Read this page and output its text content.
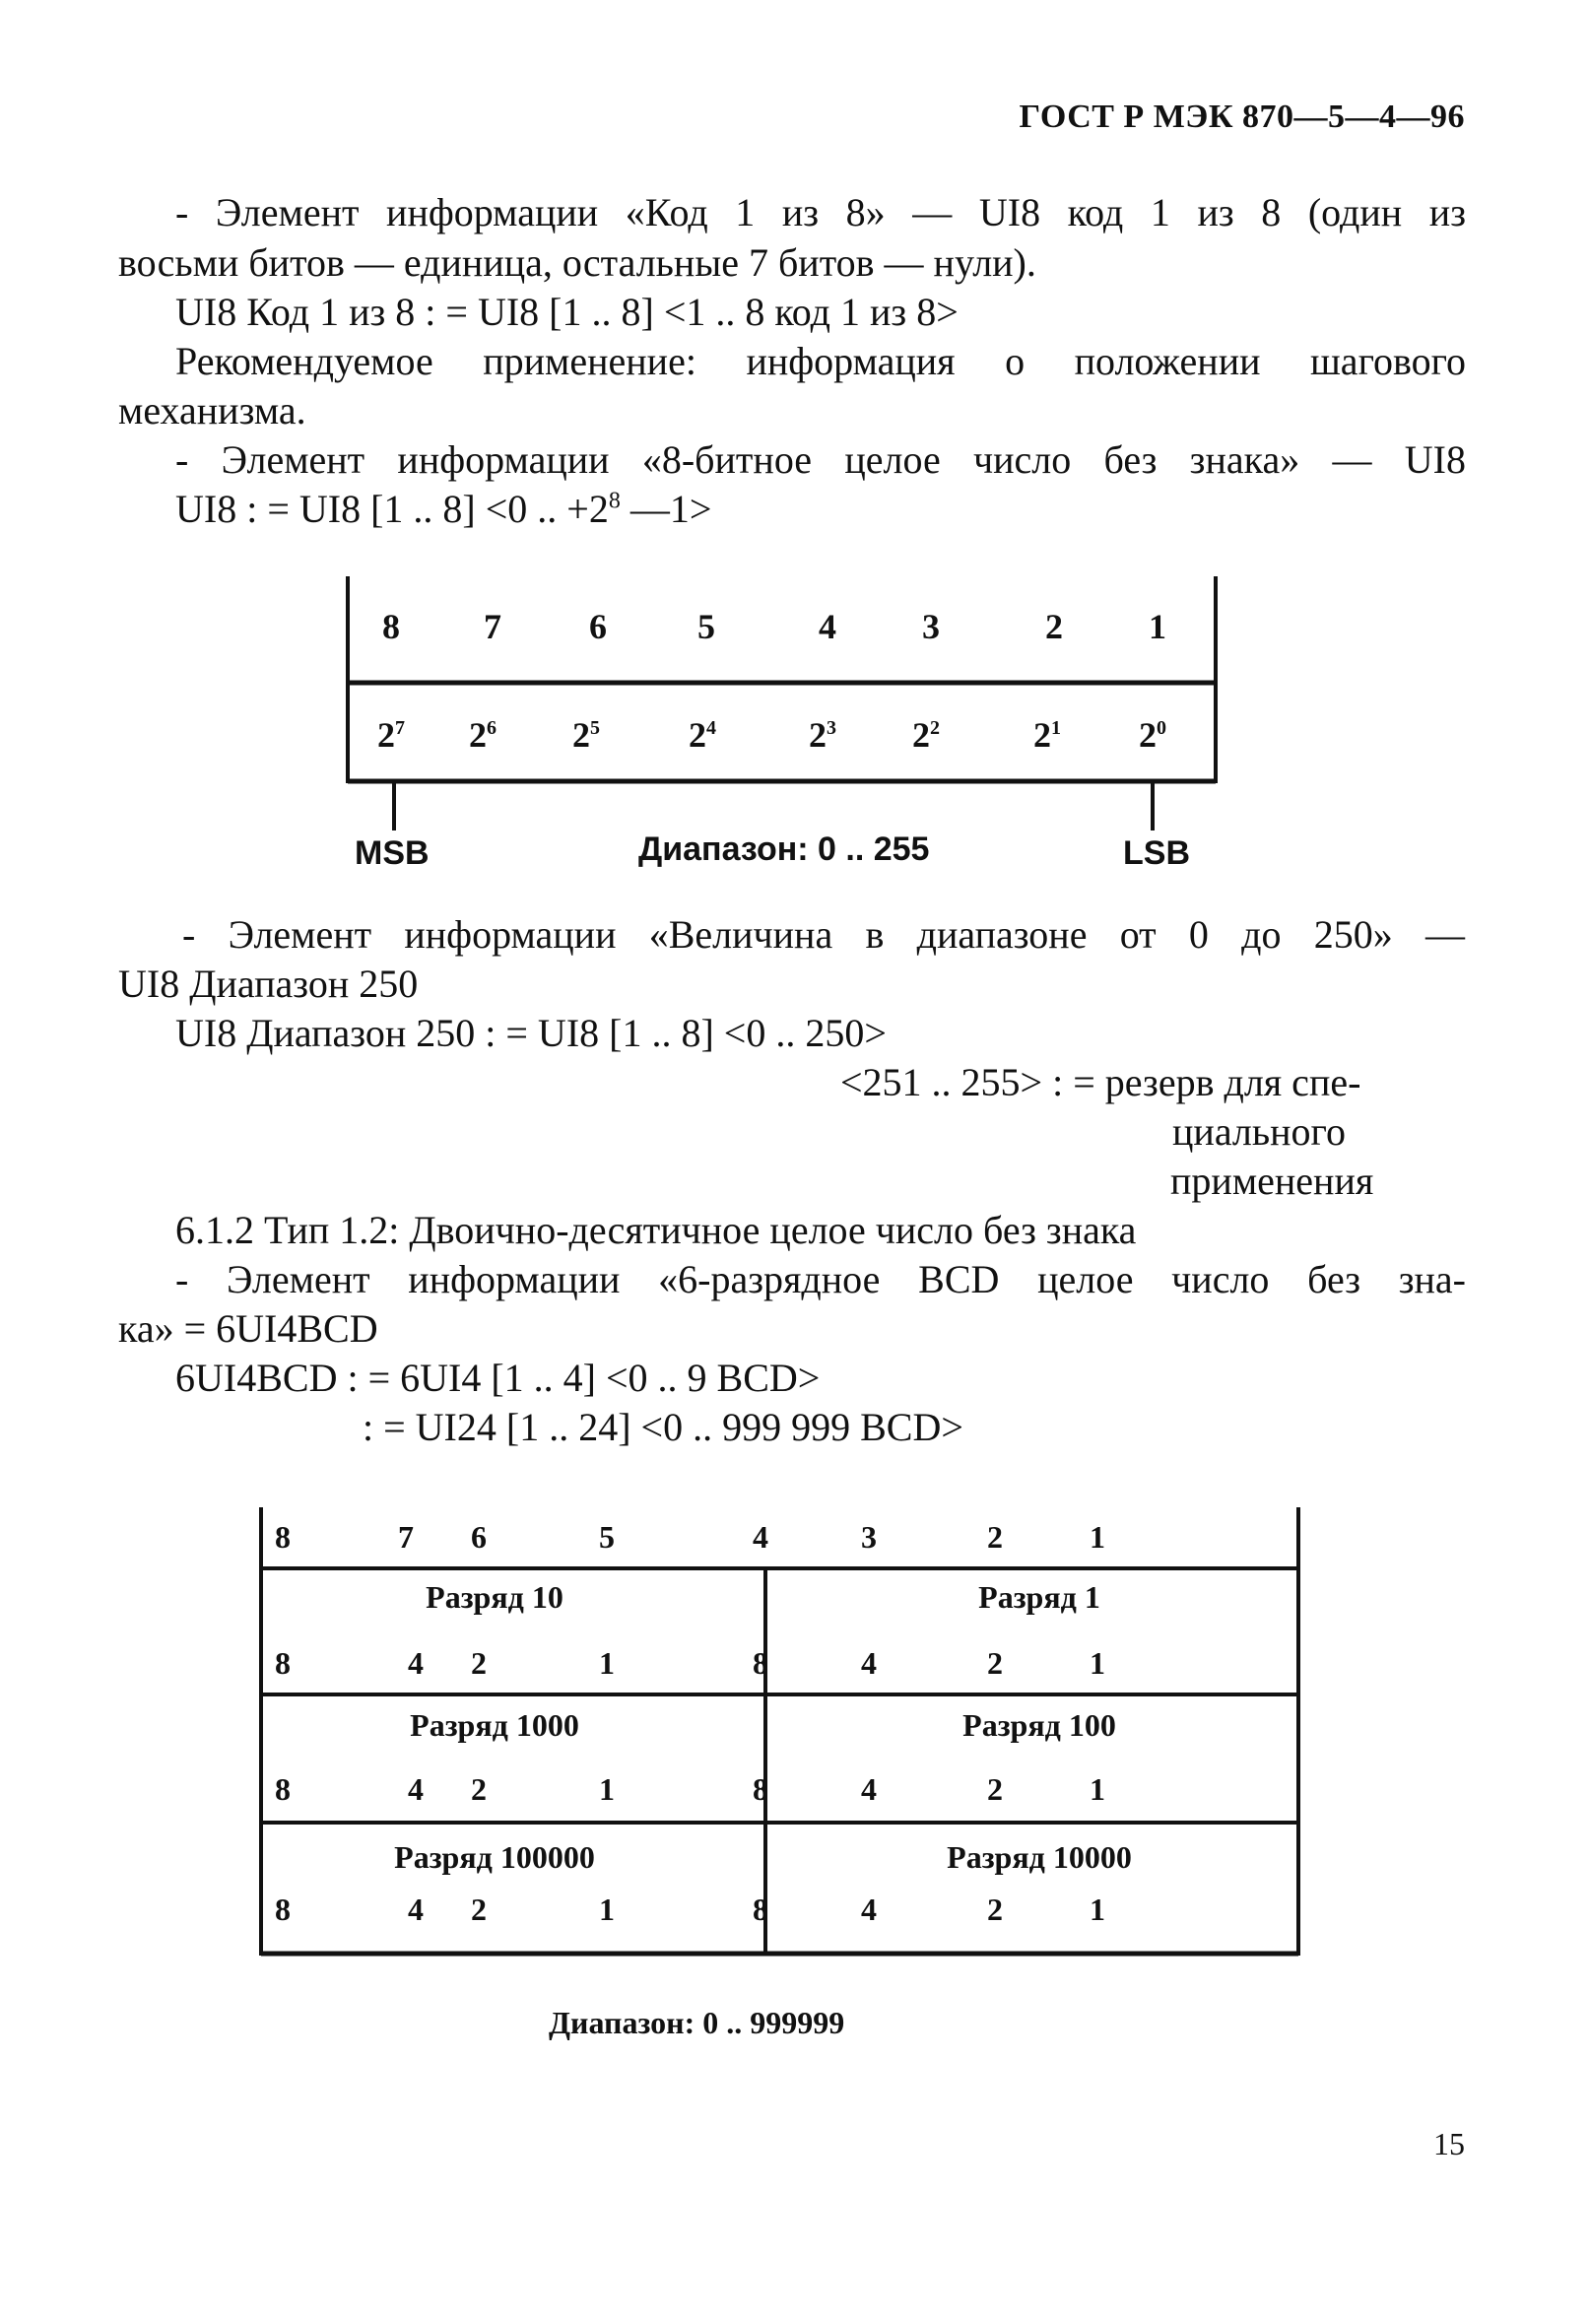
ГОСТ Р МЭК 870—5—4—96
- Элемент информации «Код 1 из 8» — UI8 код 1 из 8 (один из
восьми битов — единица, остальные 7 битов — нули).
UI8 Код 1 из 8 : = UI8 [1 .. 8] <1 .. 8 код 1 из 8>
Рекомендуемое применение: информация о положении шагового
механизма.
- Элемент информации «8-битное целое число без знака» — UI8
UI8 : = UI8 [1 .. 8] <0 .. $+2^8$ —1>
8	7	6	5	4	3	2	1
$2^7$	$2^6$	$2^5$	$2^4$	$2^3$	$2^2$	$2^1$	$2^0$
MSB	Диапазон: 0 .. 255	LSB
- Элемент информации «Величина в диапазоне от 0 до 250» —
UI8 Диапазон 250
UI8 Диапазон 250 : = UI8 [1 .. 8] <0 .. 250>
<251 .. 255> : = резерв для спе-
циального
применения
6.1.2 Тип 1.2: Двоично-десятичное целое число без знака
- Элемент информации «6-разрядное BCD целое число без зна-
ка» = 6UI4BCD
6UI4BCD : = 6UI4 [1 .. 4] <0 .. 9 BCD>
: = UI24 [1 .. 24] <0 .. 999 999 BCD>
8	7	6	5	4	3	2	1
Разряд 10	Разряд 1
8	4	2	1	8	4	2	1
Разряд 1000	Разряд 100
8	4	2	1	8	4	2	1
Разряд 100000	Разряд 10000
8	4	2	1	8	4	2	1
Диапазон: 0 .. 999999
15
